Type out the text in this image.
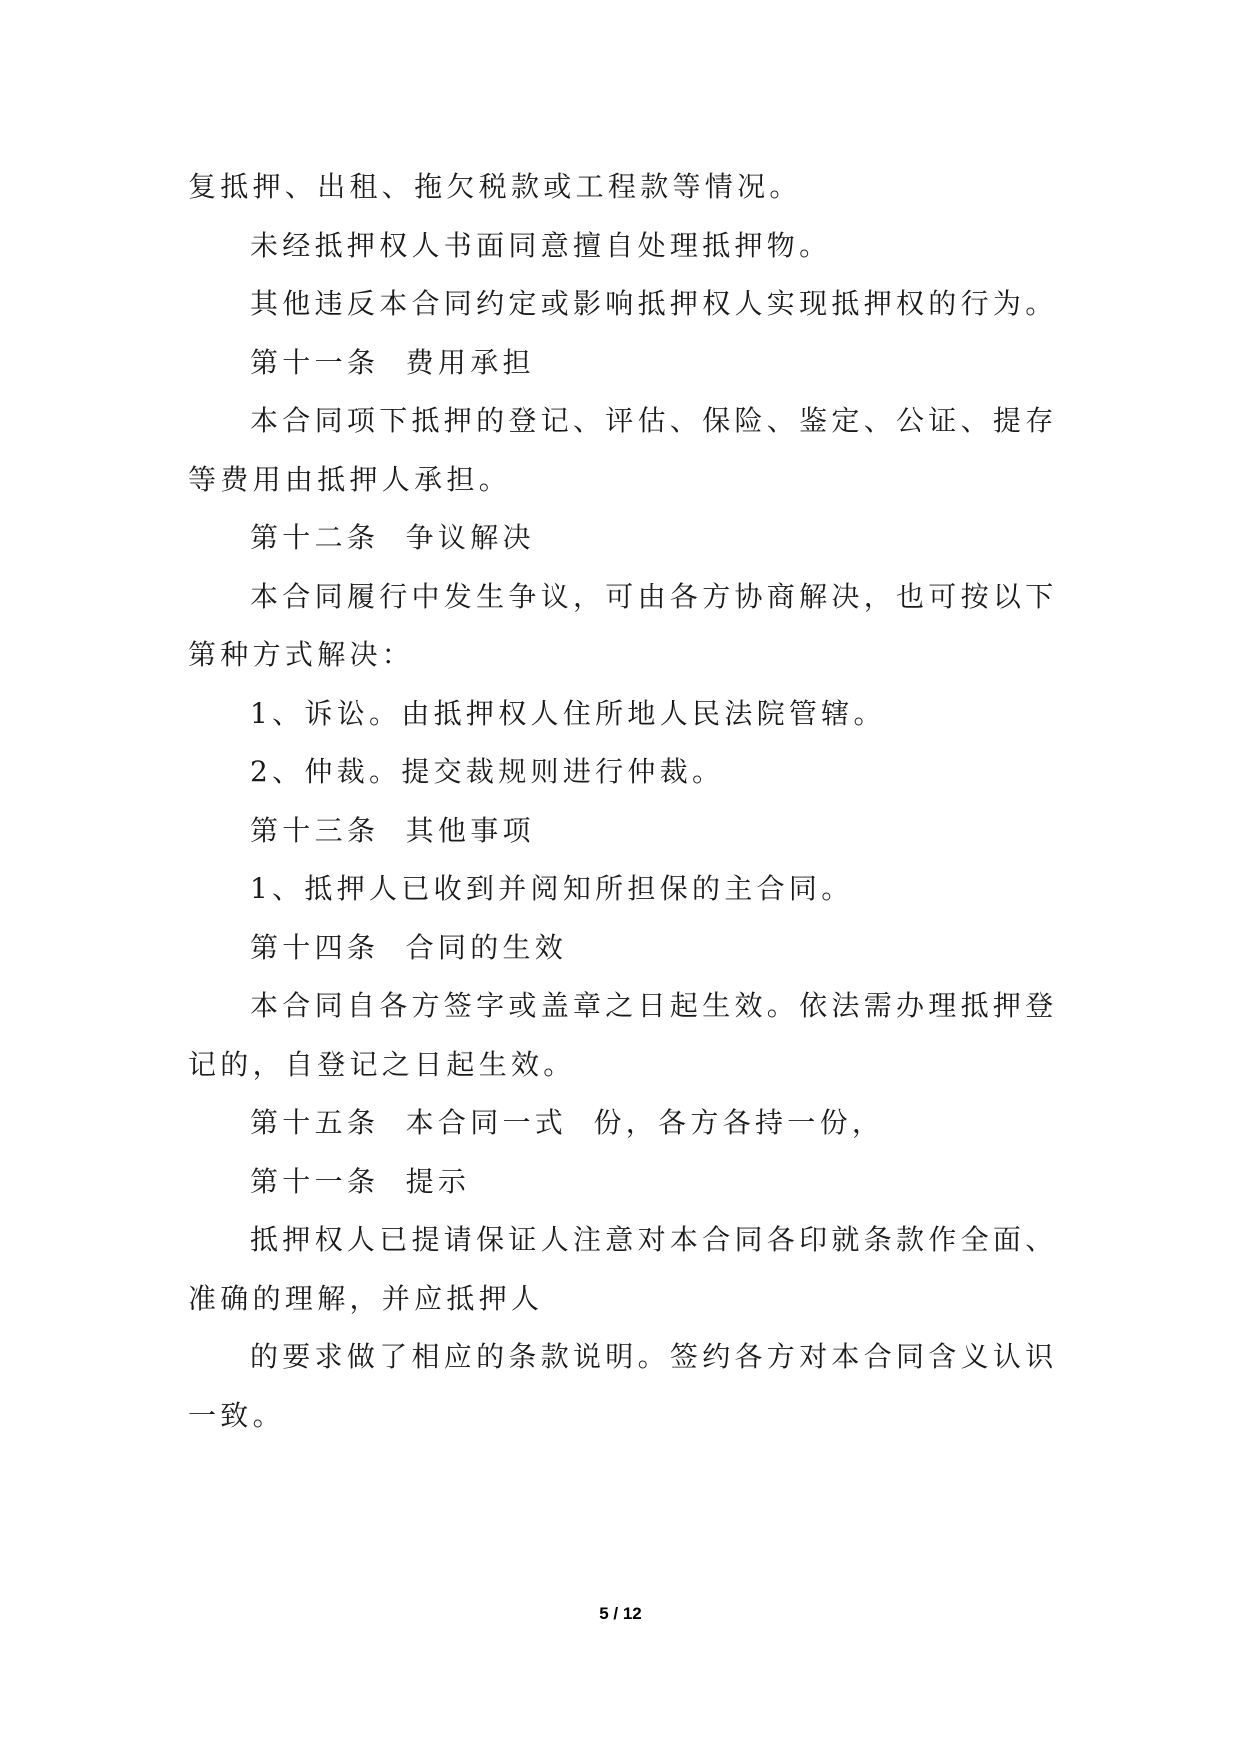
复抵押、出租、拖欠税款或工程款等情况。

未经抵押权人书面同意擅自处理抵押物。

其他违反本合同约定或影响抵押权人实现抵押权的行为。

第十一条  费用承担

本合同项下抵押的登记、评估、保险、鉴定、公证、提存等费用由抵押人承担。

第十二条  争议解决

本合同履行中发生争议，可由各方协商解决，也可按以下第种方式解决：

1、诉讼。由抵押权人住所地人民法院管辖。

2、仲裁。提交裁规则进行仲裁。

第十三条  其他事项

1、抵押人已收到并阅知所担保的主合同。

第十四条  合同的生效

本合同自各方签字或盖章之日起生效。依法需办理抵押登记的，自登记之日起生效。

第十五条  本合同一式  份，各方各持一份，

第十一条  提示

抵押权人已提请保证人注意对本合同各印就条款作全面、准确的理解，并应抵押人

的要求做了相应的条款说明。签约各方对本合同含义认识一致。

5 / 12
